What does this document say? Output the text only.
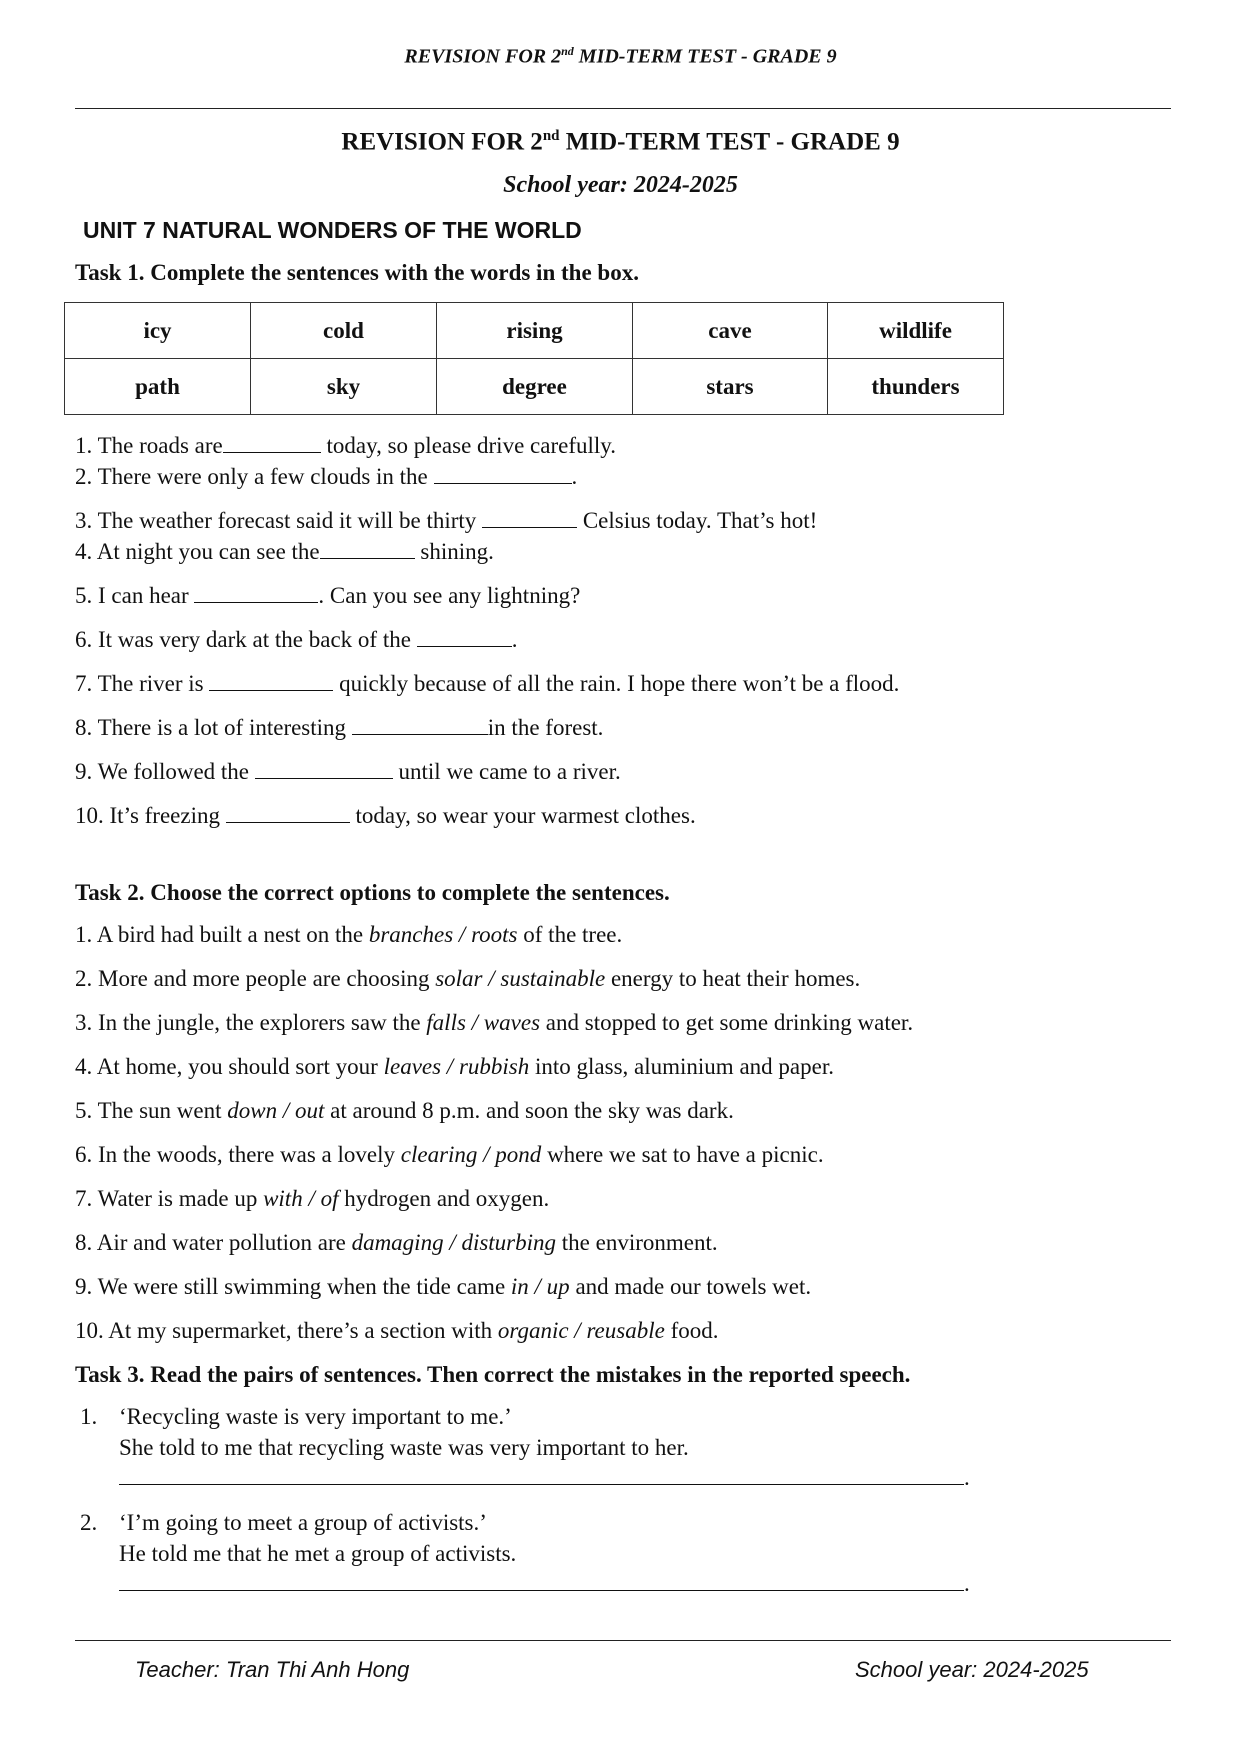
REVISION FOR 2nd MID-TERM TEST - GRADE 9
REVISION FOR 2nd MID-TERM TEST - GRADE 9
School year: 2024-2025
UNIT 7 NATURAL WONDERS OF THE WORLD
Task 1. Complete the sentences with the words in the box.
icy	cold	rising	cave	wildlife
path	sky	degree	stars	thunders
1. The roads are	today, so please drive carefully.
2. There were only a few clouds in the	.
3. The weather forecast said it will be thirty	Celsius today. That’s hot!
4. At night you can see the	shining.
5. I can hear	. Can you see any lightning?
6. It was very dark at the back of the	.
7. The river is	quickly because of all the rain. I hope there won’t be a flood.
8. There is a lot of interesting	in the forest.
9. We followed the	until we came to a river.
10. It’s freezing	today, so wear your warmest clothes.
Task 2. Choose the correct options to complete the sentences.
1. A bird had built a nest on the branches / roots of the tree.
2. More and more people are choosing solar / sustainable energy to heat their homes.
3. In the jungle, the explorers saw the falls / waves and stopped to get some drinking water.
4. At home, you should sort your leaves / rubbish into glass, aluminium and paper.
5. The sun went down / out at around 8 p.m. and soon the sky was dark.
6. In the woods, there was a lovely clearing / pond where we sat to have a picnic.
7. Water is made up with / of hydrogen and oxygen.
8. Air and water pollution are damaging / disturbing the environment.
9. We were still swimming when the tide came in / up and made our towels wet.
10. At my supermarket, there’s a section with organic / reusable food.
Task 3. Read the pairs of sentences. Then correct the mistakes in the reported speech.
1. ‘Recycling waste is very important to me.’
She told to me that recycling waste was very important to her.
.
2. ‘I’m going to meet a group of activists.’
He told me that he met a group of activists.
.
Teacher: Tran Thi Anh Hong	School year: 2024-2025
